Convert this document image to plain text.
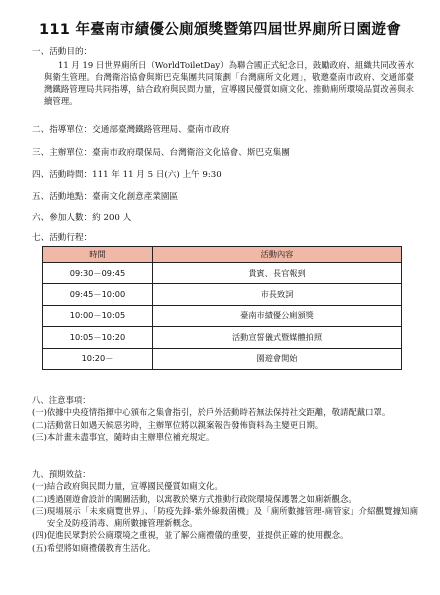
111 年臺南市績優公廁頒獎暨第四屆世界廁所日園遊會
一、活動目的：

11 月 19 日世界廁所日（WorldToiletDay）為聯合國正式紀念日，鼓勵政府、組織共同改善水與衛生管理。台灣衛浴協會與斯巴克集團共同策劃「台灣廁所文化週」，敬邀臺南市政府、交通部臺灣鐵路管理局共同指導，結合政府與民間力量，宣導國民優質如廁文化、推動廁所環境品質改善與永續管理。

二、指導單位：交通部臺灣鐵路管理局、臺南市政府
三、主辦單位：臺南市政府環保局、台灣衛浴文化協會、斯巴克集團
四、活動時間：111 年 11 月 5 日(六) 上午 9:30
五、活動地點：臺南文化創意產業園區
六、參加人數：約 200 人
七、活動行程：
時間	活動內容
09:30－09:45	貴賓、長官報到
09:45－10:00	市長致詞
10:00－10:05	臺南市績優公廁頒獎
10:05－10:20	活動宣誓儀式暨媒體拍照
10:20－	園遊會開始
八、注意事項：
(一) 依據中央疫情指揮中心頒布之集會指引，於戶外活動時若無法保持社交距離，敬請配戴口罩。
(二) 活動當日如遇天候惡劣時，主辦單位將以親案報告發佈資料為主變更日期。
(三) 本計畫未盡事宜，隨時由主辦單位補充規定。
九、預期效益：
(一) 結合政府與民間力量，宣導國民優質如廁文化。
(二) 透過園遊會設計的闖關活動，以寓教於樂方式推動行政院環境保護署之如廁新觀念。
(三) 現場展示「未來廁覽世界」、「防疫先鋒-紫外線殺菌機」及「廁所數據管理-廁管家」介紹觀覽據知廁安全及防疫消毒、廁所數據管理新概念。
(四) 促進民眾對於公廁環境之重視，並了解公廁禮儀的重要，並提供正確的使用觀念。
(五) 希望將如廁禮儀教育生活化。
